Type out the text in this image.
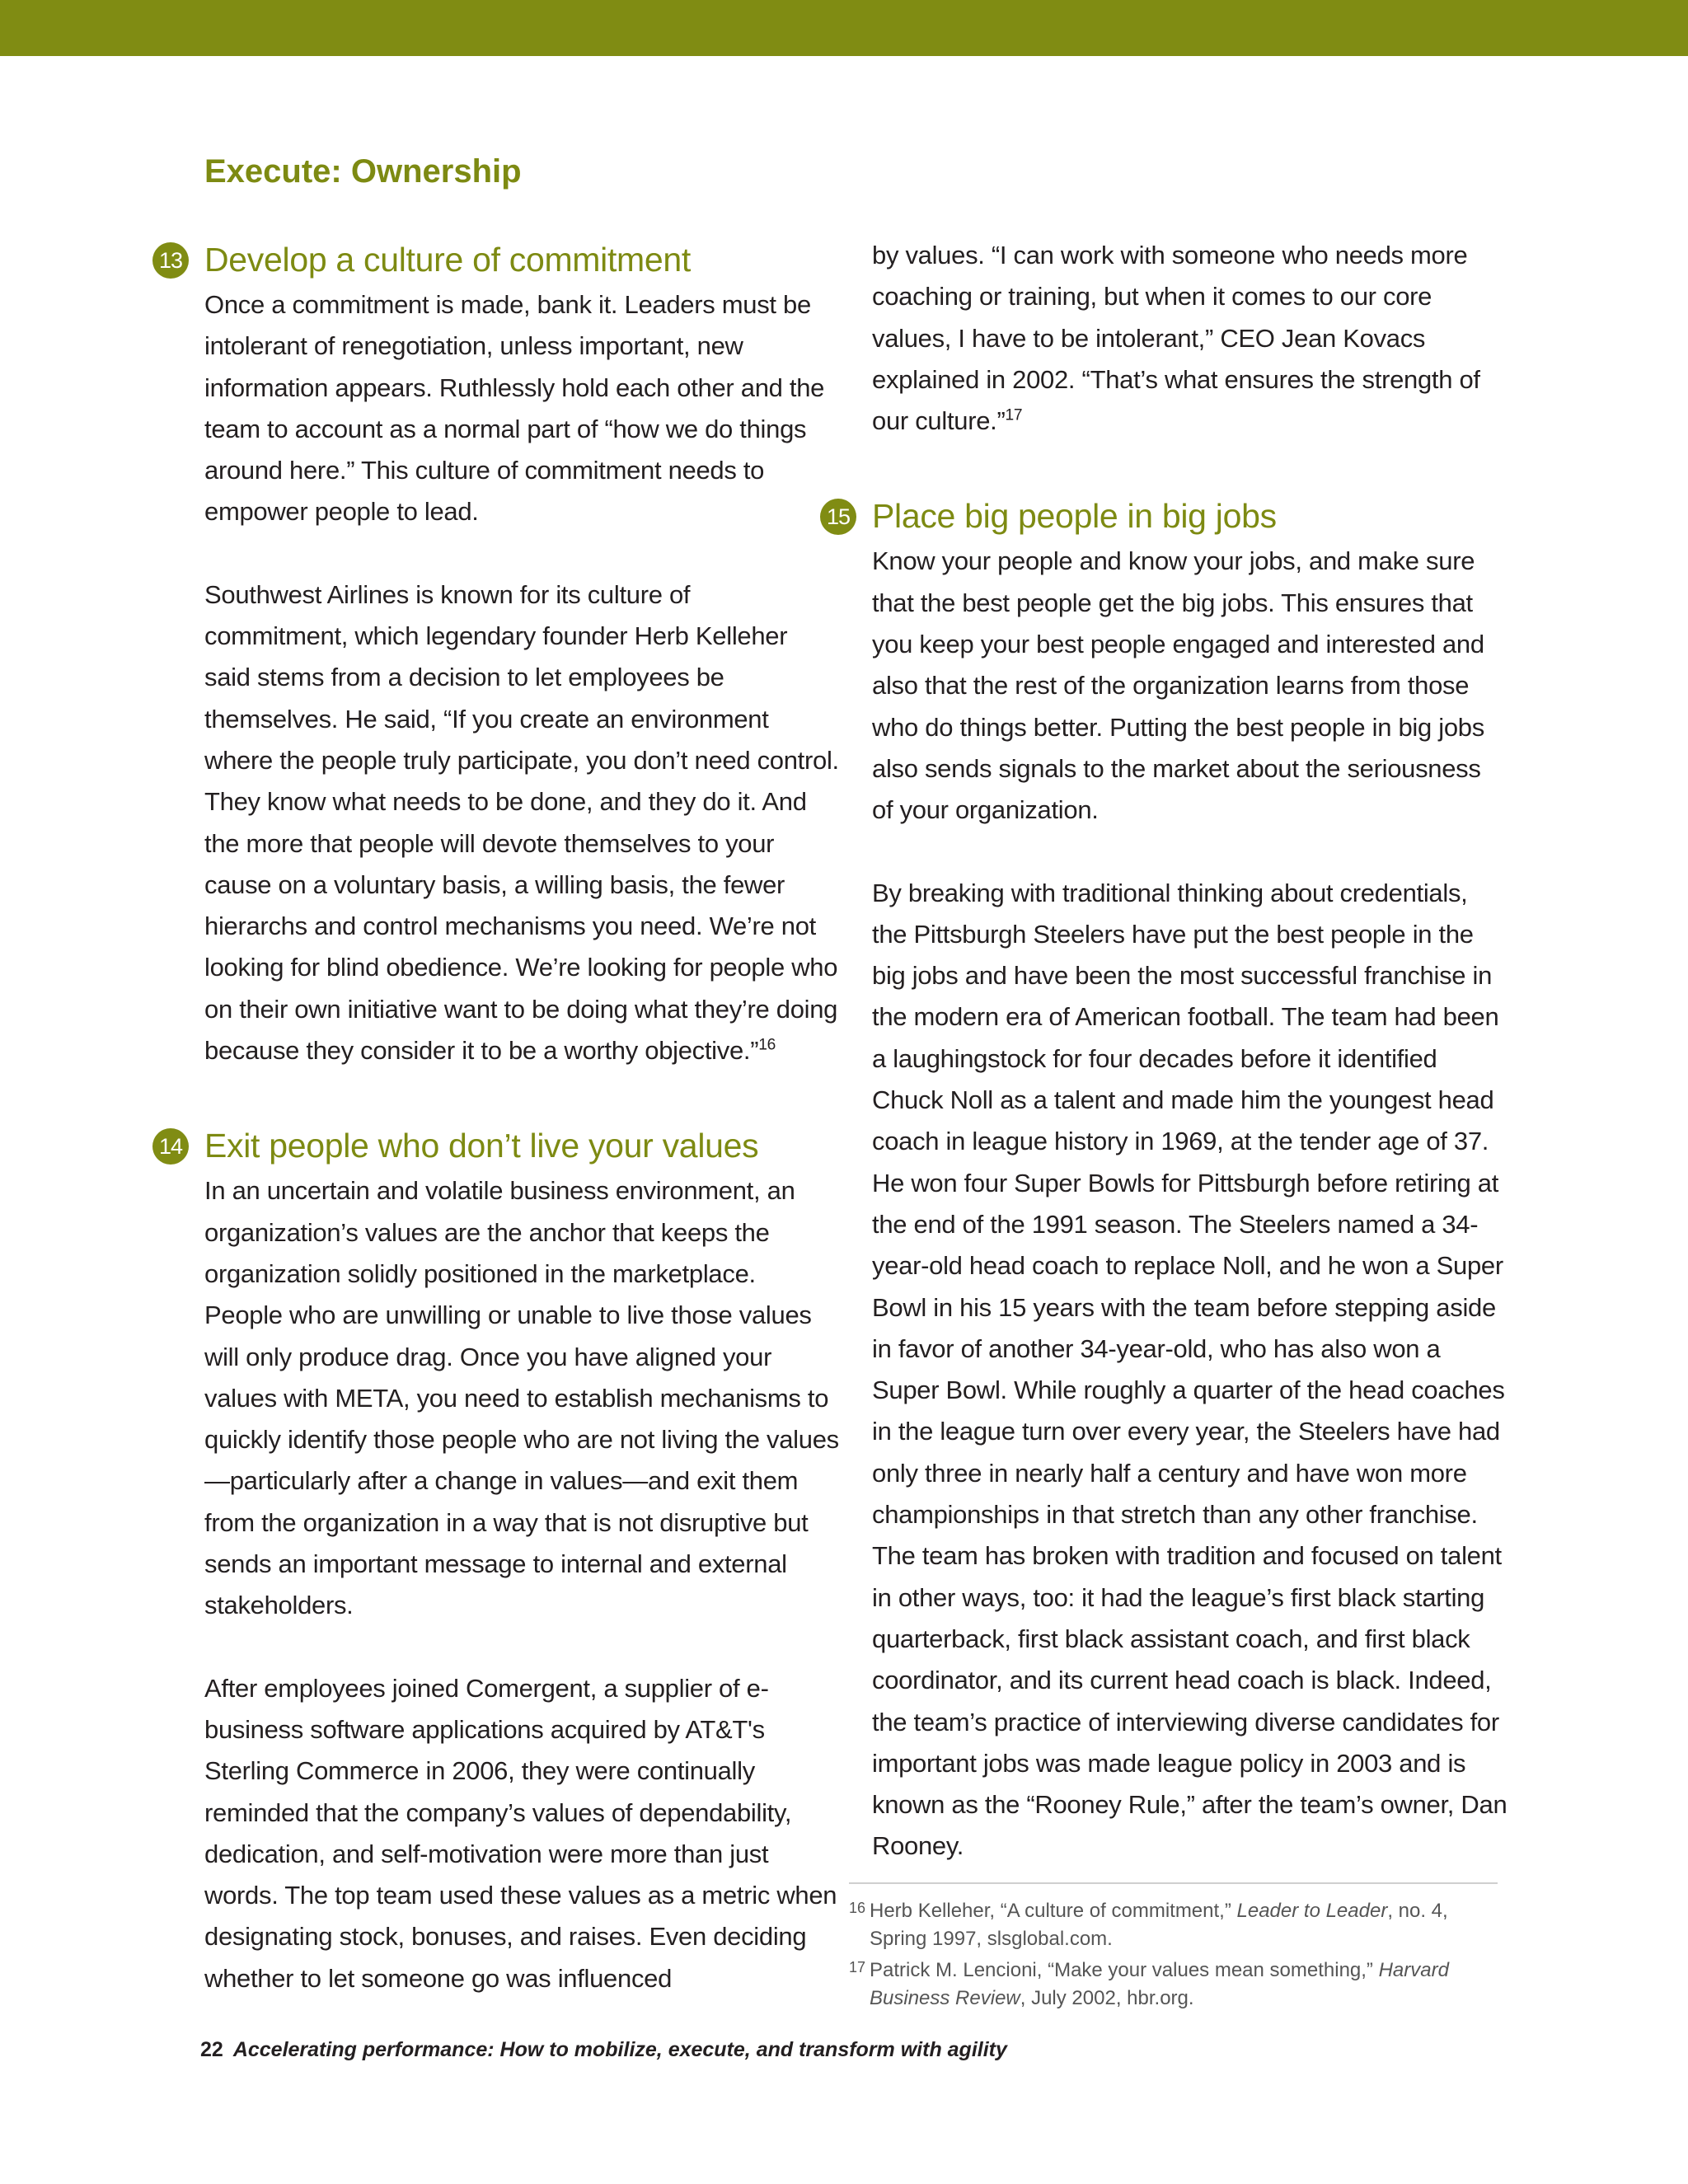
Execute: Ownership
13 Develop a culture of commitment

Once a commitment is made, bank it. Leaders must be intolerant of renegotiation, unless important, new information appears. Ruthlessly hold each other and the team to account as a normal part of “how we do things around here.” This culture of commitment needs to empower people to lead.

Southwest Airlines is known for its culture of commitment, which legendary founder Herb Kelleher said stems from a decision to let employees be themselves. He said, “If you create an environment where the people truly participate, you don’t need control. They know what needs to be done, and they do it. And the more that people will devote themselves to your cause on a voluntary basis, a willing basis, the fewer hierarchs and control mechanisms you need. We’re not looking for blind obedience. We’re looking for people who on their own initiative want to be doing what they’re doing because they consider it to be a worthy objective.”$^{16}$

14 Exit people who don’t live your values

In an uncertain and volatile business environment, an organization’s values are the anchor that keeps the organization solidly positioned in the marketplace. People who are unwilling or unable to live those values will only produce drag. Once you have aligned your values with META, you need to establish mechanisms to quickly identify those people who are not living the values—particularly after a change in values—and exit them from the organization in a way that is not disruptive but sends an important message to internal and external stakeholders.

After employees joined Comergent, a supplier of e-business software applications acquired by AT&T's Sterling Commerce in 2006, they were continually reminded that the company’s values of dependability, dedication, and self-motivation were more than just words. The top team used these values as a metric when designating stock, bonuses, and raises. Even deciding whether to let someone go was influenced

by values. “I can work with someone who needs more coaching or training, but when it comes to our core values, I have to be intolerant,” CEO Jean Kovacs explained in 2002. “That’s what ensures the strength of our culture.”$^{17}$

15 Place big people in big jobs

Know your people and know your jobs, and make sure that the best people get the big jobs. This ensures that you keep your best people engaged and interested and also that the rest of the organization learns from those who do things better. Putting the best people in big jobs also sends signals to the market about the seriousness of your organization.

By breaking with traditional thinking about credentials, the Pittsburgh Steelers have put the best people in the big jobs and have been the most successful franchise in the modern era of American football. The team had been a laughingstock for four decades before it identified Chuck Noll as a talent and made him the youngest head coach in league history in 1969, at the tender age of 37. He won four Super Bowls for Pittsburgh before retiring at the end of the 1991 season. The Steelers named a 34-year-old head coach to replace Noll, and he won a Super Bowl in his 15 years with the team before stepping aside in favor of another 34-year-old, who has also won a Super Bowl. While roughly a quarter of the head coaches in the league turn over every year, the Steelers have had only three in nearly half a century and have won more championships in that stretch than any other franchise. The team has broken with tradition and focused on talent in other ways, too: it had the league’s first black starting quarterback, first black assistant coach, and first black coordinator, and its current head coach is black. Indeed, the team’s practice of interviewing diverse candidates for important jobs was made league policy in 2003 and is known as the “Rooney Rule,” after the team’s owner, Dan Rooney.

16 Herb Kelleher, “A culture of commitment,” Leader to Leader, no. 4, Spring 1997, slsglobal.com.

17 Patrick M. Lencioni, “Make your values mean something,” Harvard Business Review, July 2002, hbr.org.

22 Accelerating performance: How to mobilize, execute, and transform with agility
